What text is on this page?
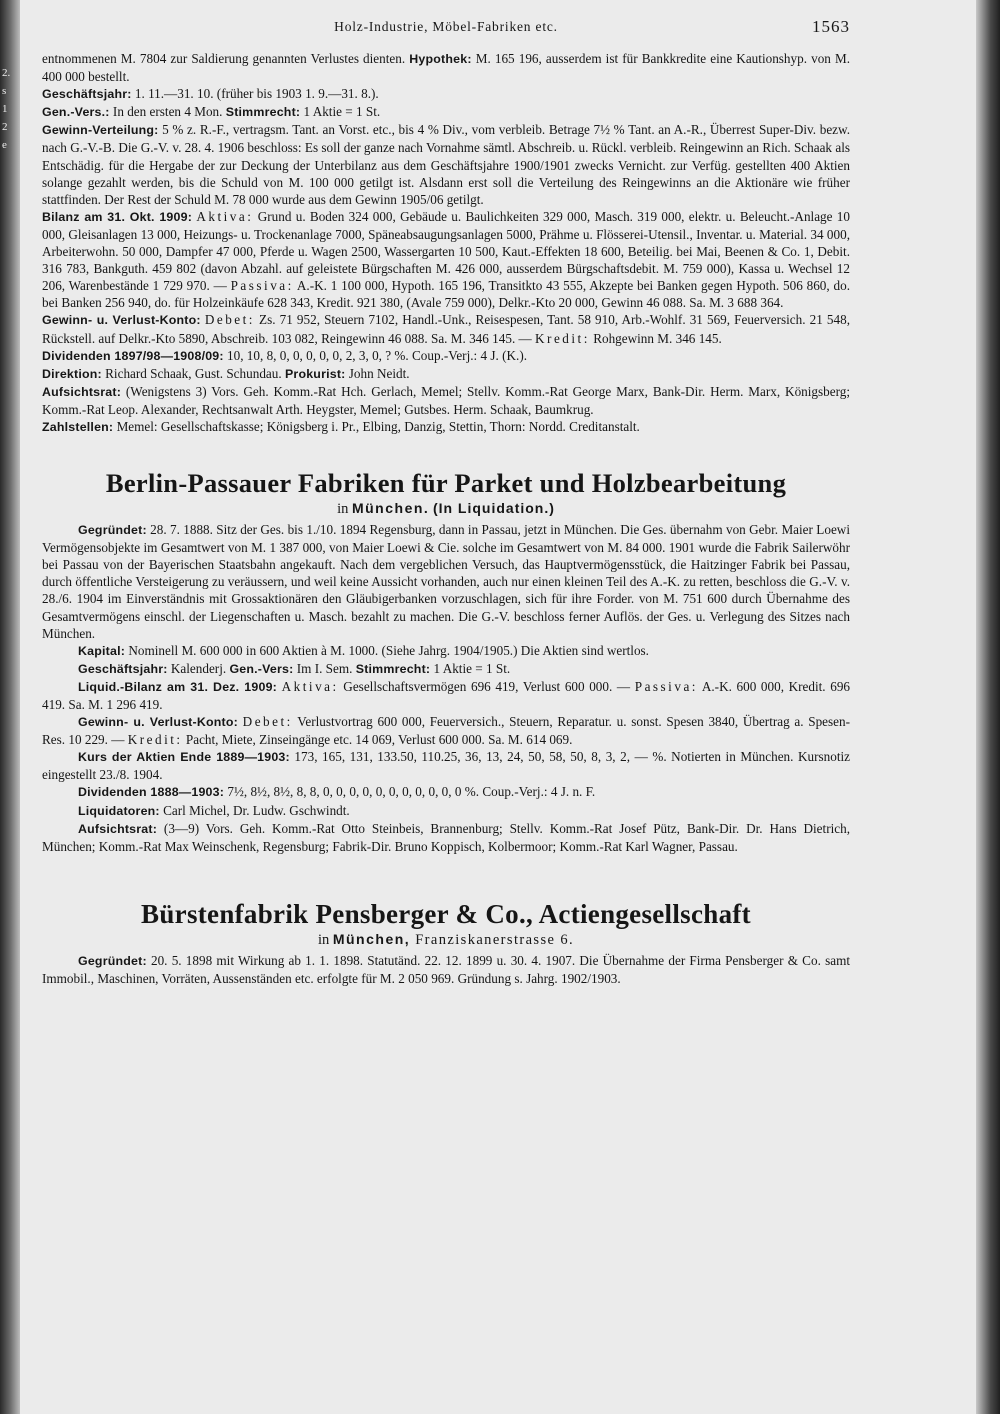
2.
s
1
2
e
Holz-Industrie, Möbel-Fabriken etc.	1563

entnommenen M. 7804 zur Saldierung genannten Verlustes dienten. Hypothek: M. 165 196, ausserdem ist für Bankkredite eine Kautionshyp. von M. 400 000 bestellt.

Geschäftsjahr: 1. 11.—31. 10. (früher bis 1903 1. 9.—31. 8.).

Gen.-Vers.: In den ersten 4 Mon. Stimmrecht: 1 Aktie = 1 St.

Gewinn-Verteilung: 5 % z. R.-F., vertragsm. Tant. an Vorst. etc., bis 4 % Div., vom verbleib. Betrage 7½ % Tant. an A.-R., Überrest Super-Div. bezw. nach G.-V.-B. Die G.-V. v. 28. 4. 1906 beschloss: Es soll der ganze nach Vornahme sämtl. Abschreib. u. Rückl. verbleib. Reingewinn an Rich. Schaak als Entschädig. für die Hergabe der zur Deckung der Unterbilanz aus dem Geschäftsjahre 1900/1901 zwecks Vernicht. zur Verfüg. gestellten 400 Aktien solange gezahlt werden, bis die Schuld von M. 100 000 getilgt ist. Alsdann erst soll die Verteilung des Reingewinns an die Aktionäre wie früher stattfinden. Der Rest der Schuld M. 78 000 wurde aus dem Gewinn 1905/06 getilgt.

Bilanz am 31. Okt. 1909: Aktiva: Grund u. Boden 324 000, Gebäude u. Baulichkeiten 329 000, Masch. 319 000, elektr. u. Beleucht.-Anlage 10 000, Gleisanlagen 13 000, Heizungs- u. Trockenanlage 7000, Späneabsaugungsanlagen 5000, Prähme u. Flösserei-Utensil., Inventar. u. Material. 34 000, Arbeiterwohn. 50 000, Dampfer 47 000, Pferde u. Wagen 2500, Wassergarten 10 500, Kaut.-Effekten 18 600, Beteilig. bei Mai, Beenen & Co. 1, Debit. 316 783, Bankguth. 459 802 (davon Abzahl. auf geleistete Bürgschaften M. 426 000, ausserdem Bürgschaftsdebit. M. 759 000), Kassa u. Wechsel 12 206, Warenbestände 1 729 970. — Passiva: A.-K. 1 100 000, Hypoth. 165 196, Transitkto 43 555, Akzepte bei Banken gegen Hypoth. 506 860, do. bei Banken 256 940, do. für Holzeinkäufe 628 343, Kredit. 921 380, (Avale 759 000), Delkr.-Kto 20 000, Gewinn 46 088. Sa. M. 3 688 364.

Gewinn- u. Verlust-Konto: Debet: Zs. 71 952, Steuern 7102, Handl.-Unk., Reisespesen, Tant. 58 910, Arb.-Wohlf. 31 569, Feuerversich. 21 548, Rückstell. auf Delkr.-Kto 5890, Abschreib. 103 082, Reingewinn 46 088. Sa. M. 346 145. — Kredit: Rohgewinn M. 346 145.

Dividenden 1897/98—1908/09: 10, 10, 8, 0, 0, 0, 0, 0, 2, 3, 0, ? %. Coup.-Verj.: 4 J. (K.).

Direktion: Richard Schaak, Gust. Schundau. Prokurist: John Neidt.

Aufsichtsrat: (Wenigstens 3) Vors. Geh. Komm.-Rat Hch. Gerlach, Memel; Stellv. Komm.-Rat George Marx, Bank-Dir. Herm. Marx, Königsberg; Komm.-Rat Leop. Alexander, Rechtsanwalt Arth. Heygster, Memel; Gutsbes. Herm. Schaak, Baumkrug.

Zahlstellen: Memel: Gesellschaftskasse; Königsberg i. Pr., Elbing, Danzig, Stettin, Thorn: Nordd. Creditanstalt.

Berlin-Passauer Fabriken für Parket und Holzbearbeitung
in München. (In Liquidation.)

Gegründet: 28. 7. 1888. Sitz der Ges. bis 1./10. 1894 Regensburg, dann in Passau, jetzt in München. Die Ges. übernahm von Gebr. Maier Loewi Vermögensobjekte im Gesamtwert von M. 1 387 000, von Maier Loewi & Cie. solche im Gesamtwert von M. 84 000. 1901 wurde die Fabrik Sailerwöhr bei Passau von der Bayerischen Staatsbahn angekauft. Nach dem vergeblichen Versuch, das Hauptvermögensstück, die Haitzinger Fabrik bei Passau, durch öffentliche Versteigerung zu veräussern, und weil keine Aussicht vorhanden, auch nur einen kleinen Teil des A.-K. zu retten, beschloss die G.-V. v. 28./6. 1904 im Einverständnis mit Grossaktionären den Gläubigerbanken vorzuschlagen, sich für ihre Forder. von M. 751 600 durch Übernahme des Gesamtvermögens einschl. der Liegenschaften u. Masch. bezahlt zu machen. Die G.-V. beschloss ferner Auflös. der Ges. u. Verlegung des Sitzes nach München.

Kapital: Nominell M. 600 000 in 600 Aktien à M. 1000. (Siehe Jahrg. 1904/1905.) Die Aktien sind wertlos.

Geschäftsjahr: Kalenderj. Gen.-Vers: Im I. Sem. Stimmrecht: 1 Aktie = 1 St.

Liquid.-Bilanz am 31. Dez. 1909: Aktiva: Gesellschaftsvermögen 696 419, Verlust 600 000. — Passiva: A.-K. 600 000, Kredit. 696 419. Sa. M. 1 296 419.

Gewinn- u. Verlust-Konto: Debet: Verlustvortrag 600 000, Feuerversich., Steuern, Reparatur. u. sonst. Spesen 3840, Übertrag a. Spesen-Res. 10 229. — Kredit: Pacht, Miete, Zinseingänge etc. 14 069, Verlust 600 000. Sa. M. 614 069.

Kurs der Aktien Ende 1889—1903: 173, 165, 131, 133.50, 110.25, 36, 13, 24, 50, 58, 50, 8, 3, 2, — %. Notierten in München. Kursnotiz eingestellt 23./8. 1904.

Dividenden 1888—1903: 7½, 8½, 8½, 8, 8, 0, 0, 0, 0, 0, 0, 0, 0, 0, 0, 0 %. Coup.-Verj.: 4 J. n. F.

Liquidatoren: Carl Michel, Dr. Ludw. Gschwindt.

Aufsichtsrat: (3—9) Vors. Geh. Komm.-Rat Otto Steinbeis, Brannenburg; Stellv. Komm.-Rat Josef Pütz, Bank-Dir. Dr. Hans Dietrich, München; Komm.-Rat Max Weinschenk, Regensburg; Fabrik-Dir. Bruno Koppisch, Kolbermoor; Komm.-Rat Karl Wagner, Passau.

Bürstenfabrik Pensberger & Co., Actiengesellschaft
in München, Franziskanerstrasse 6.

Gegründet: 20. 5. 1898 mit Wirkung ab 1. 1. 1898. Statutänd. 22. 12. 1899 u. 30. 4. 1907. Die Übernahme der Firma Pensberger & Co. samt Immobil., Maschinen, Vorräten, Aussenständen etc. erfolgte für M. 2 050 969. Gründung s. Jahrg. 1902/1903.
